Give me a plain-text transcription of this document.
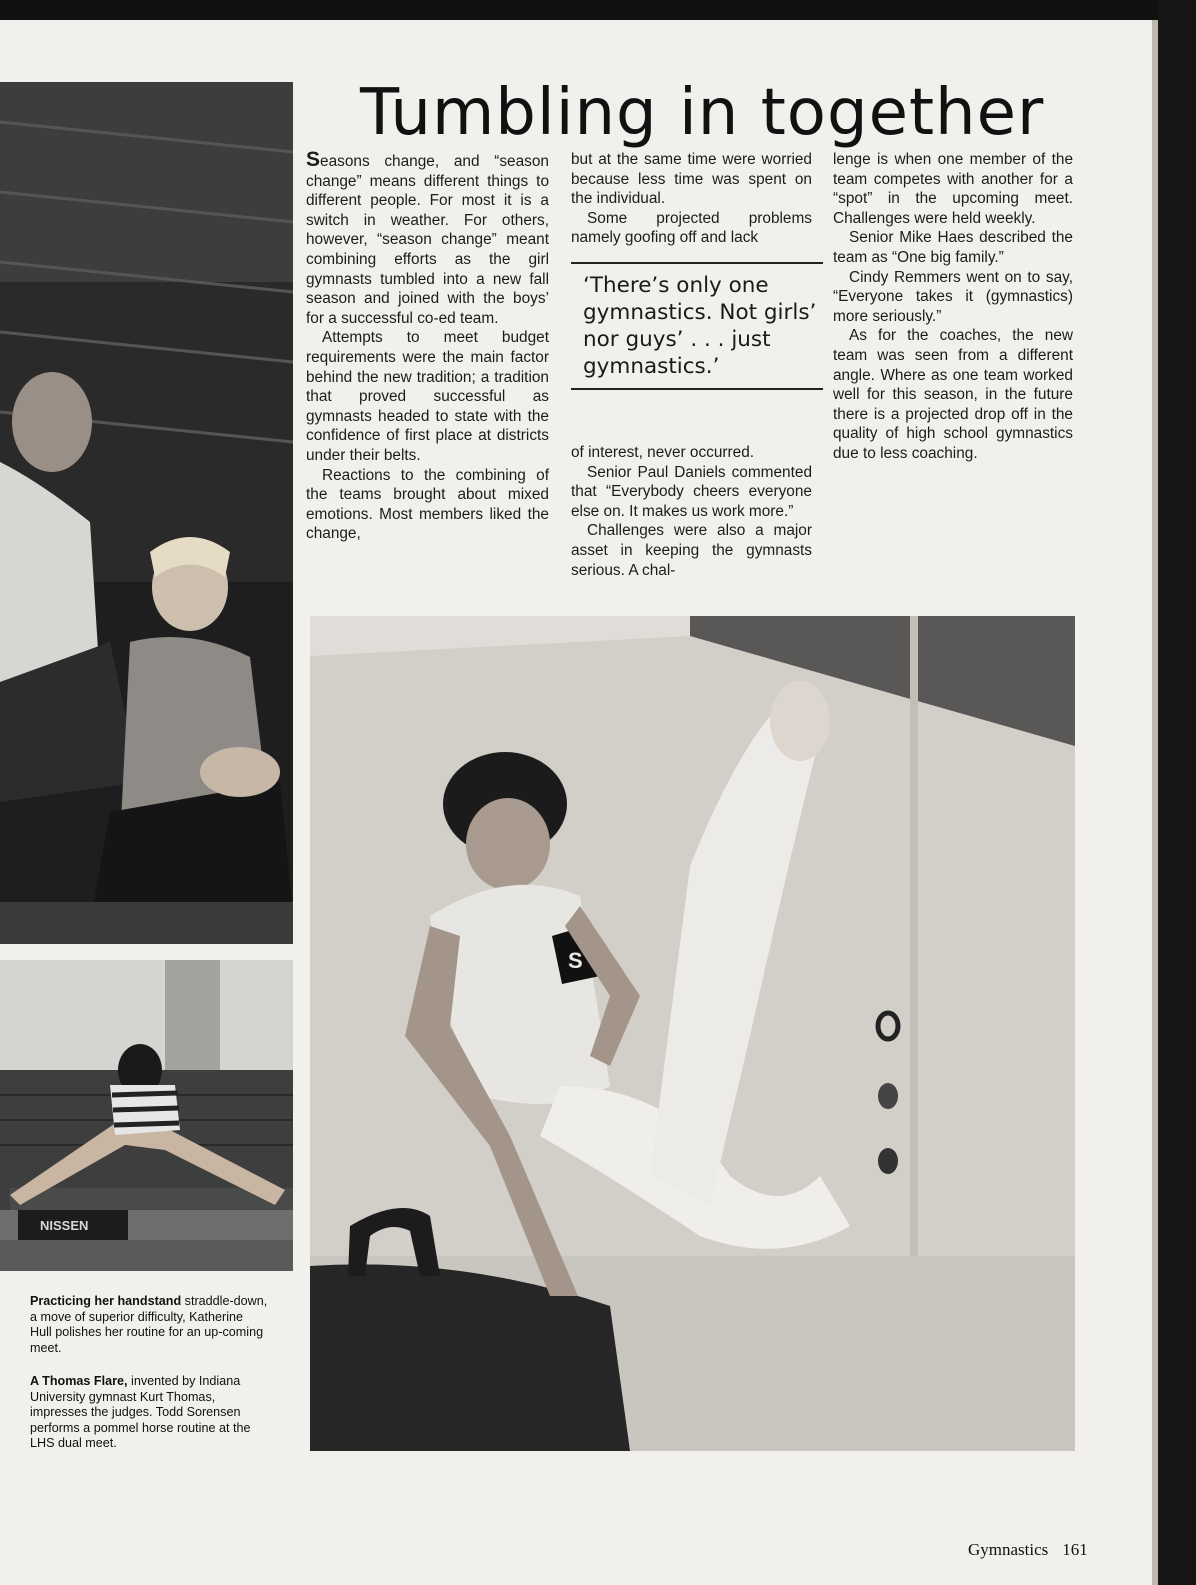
NISSEN
Tumbling in together

Seasons change, and “season change” means different things to different people. For most it is a switch in weather. For others, however, “season change” meant combining efforts as the girl gymnasts tumbled into a new fall season and joined with the boys’ for a successful co-ed team.

Attempts to meet budget requirements were the main factor behind the new tradition; a tradition that proved successful as gymnasts headed to state with the confidence of first place at districts under their belts.

Reactions to the combining of the teams brought about mixed emotions. Most members liked the change,

but at the same time were worried because less time was spent on the individual.

Some projected problems namely goofing off and lack

‘There’s only one gymnastics. Not girls’ nor guys’ . . . just gymnastics.’

of interest, never occurred.

Senior Paul Daniels commented that “Everybody cheers everyone else on. It makes us work more.”

Challenges were also a major asset in keeping the gymnasts serious. A chal-

lenge is when one member of the team competes with another for a “spot” in the upcoming meet. Challenges were held weekly.

Senior Mike Haes described the team as “One big family.”

Cindy Remmers went on to say, “Everyone takes it (gymnastics) more seriously.”

As for the coaches, the new team was seen from a different angle. Where as one team worked well for this season, in the future there is a projected drop off in the quality of high school gymnastics due to less coaching.

S
Practicing her handstand straddle-down, a move of superior difficulty, Katherine Hull polishes her routine for an up-coming meet.
A Thomas Flare, invented by Indiana University gymnast Kurt Thomas, impresses the judges. Todd Sorensen performs a pommel horse routine at the LHS dual meet.
Gymnastics 161
